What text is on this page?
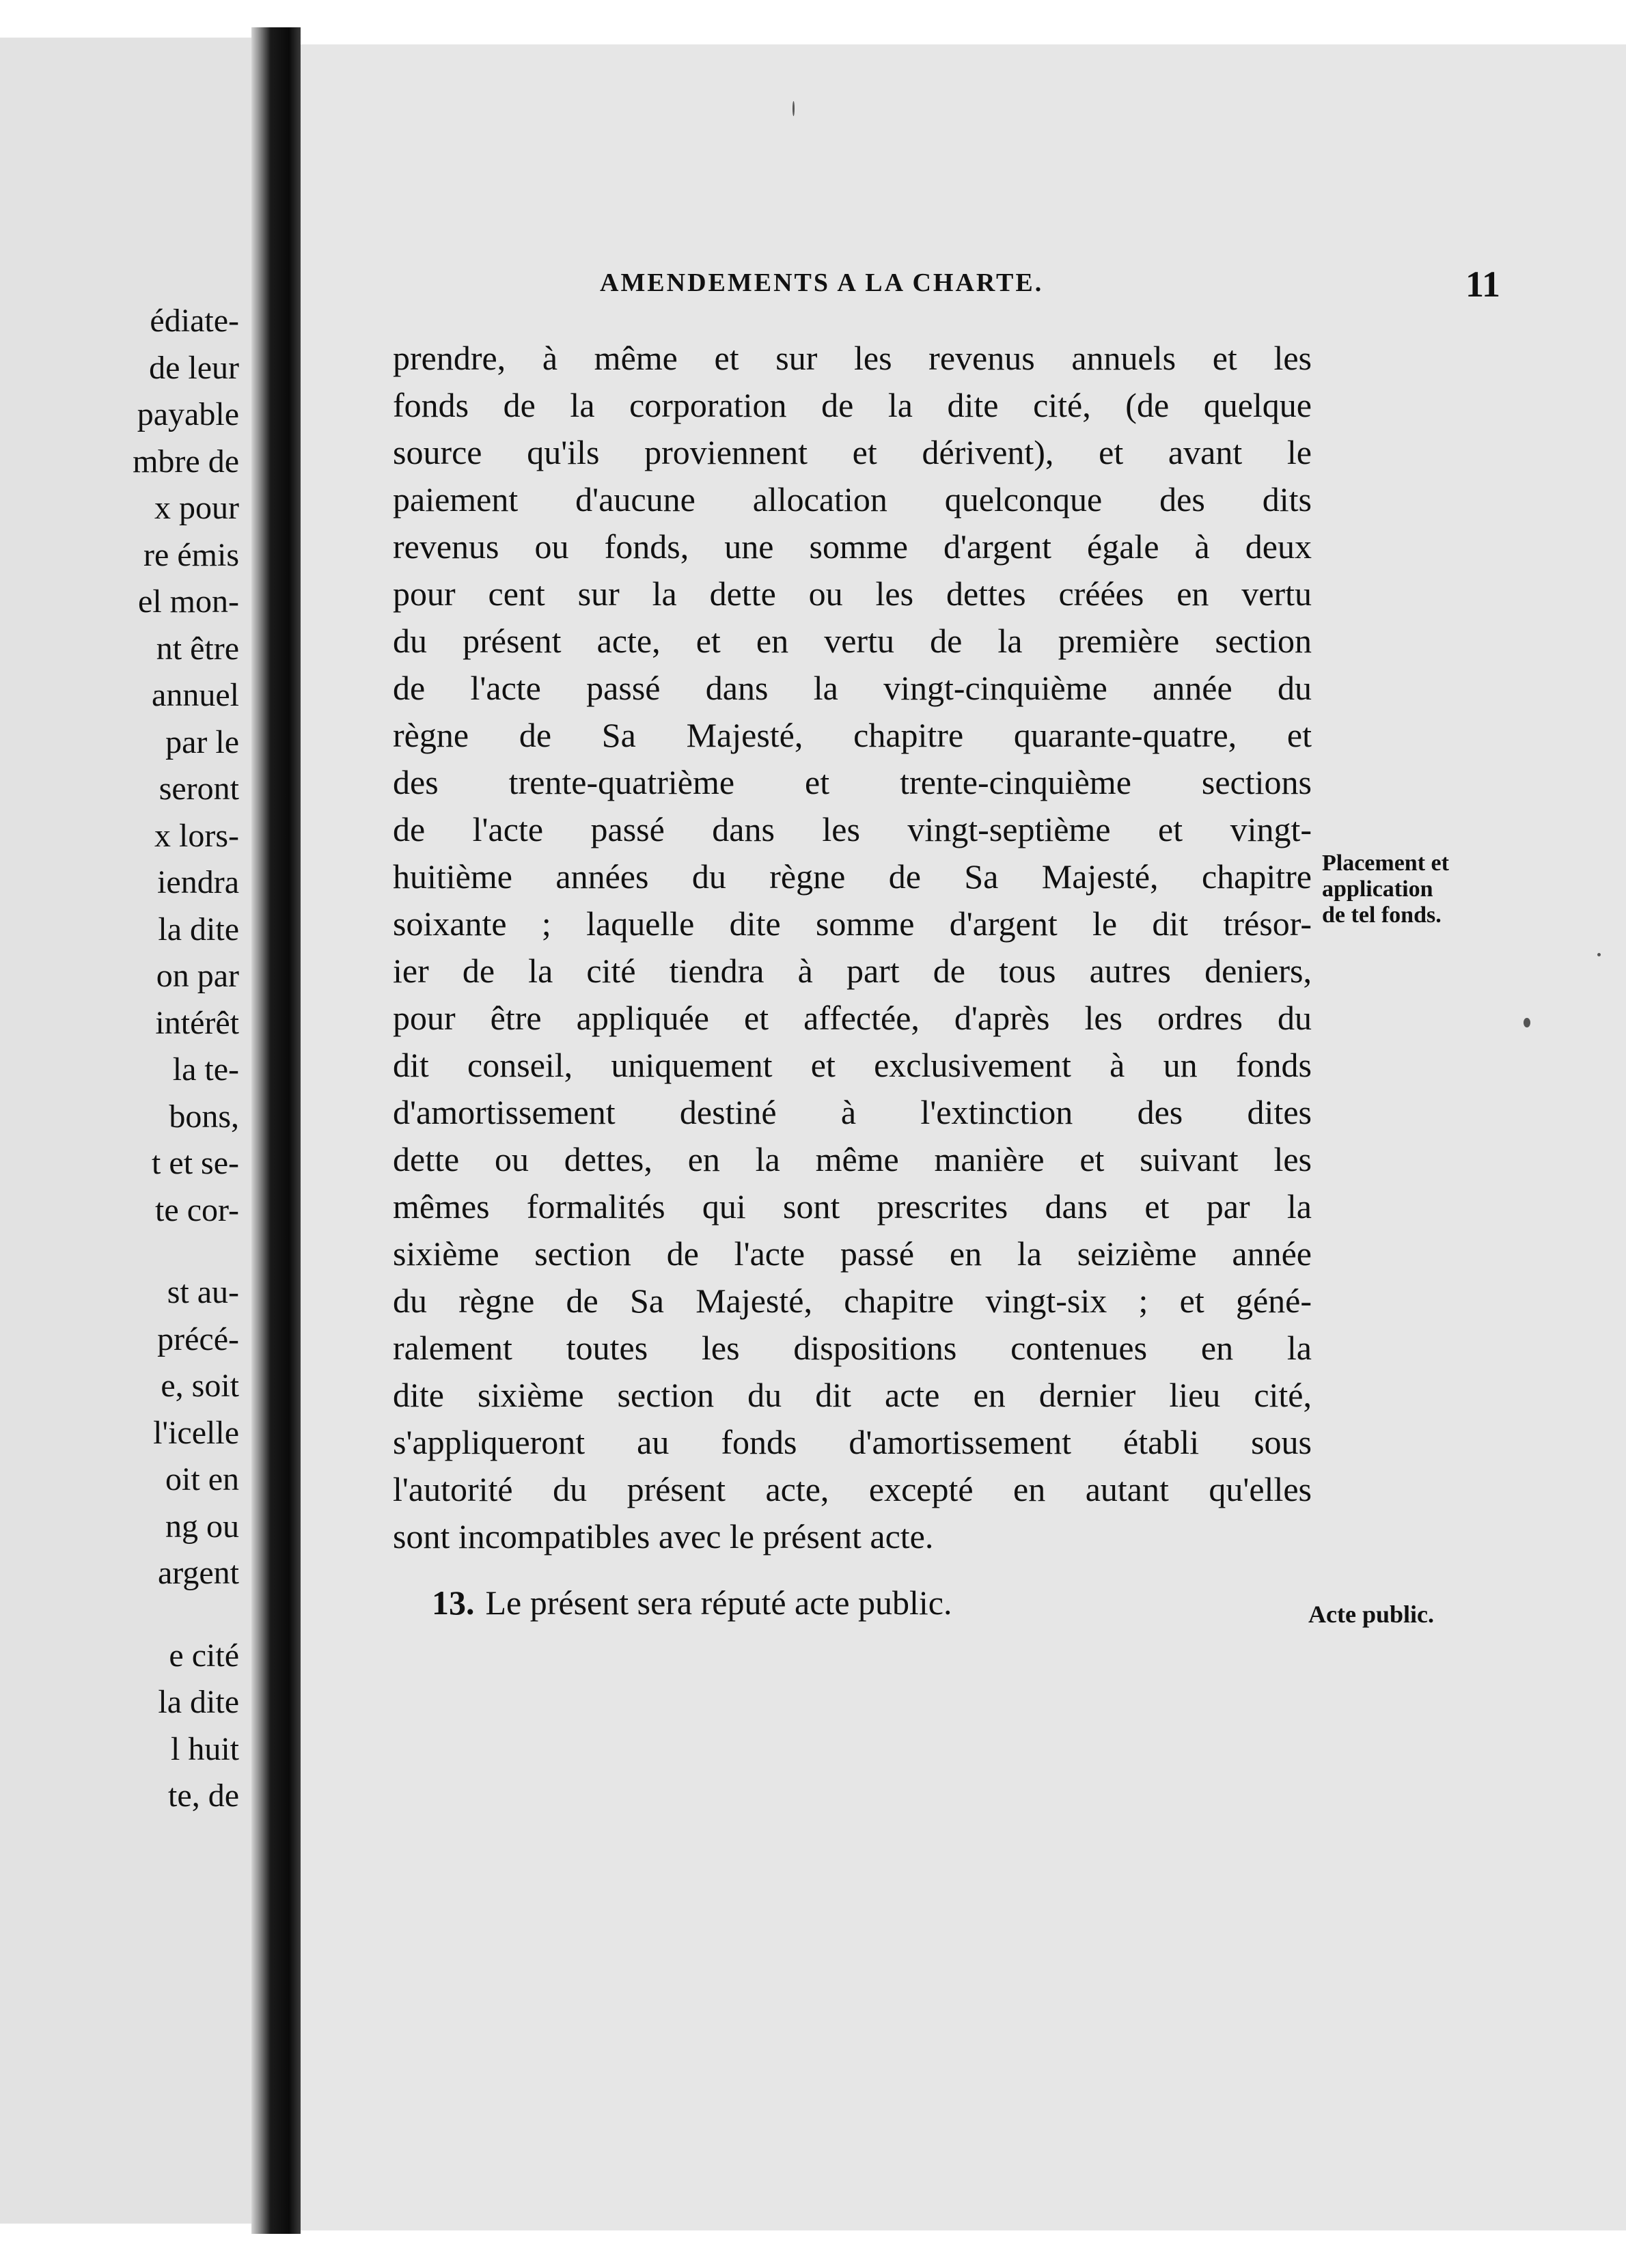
édiate-
de leur
payable
mbre de
x pour
re émis
el mon-
nt être
annuel
par le
seront
x lors-
iendra
la dite
on par
intérêt
la te-
bons,
t et se-
te cor-
st au-
précé-
e, soit
l'icelle
oit en
ng ou
argent
e cité
la dite
l huit
te, de
AMENDEMENTS A LA CHARTE.	11
prendre, à même et sur les revenus annuels et les
fonds de la corporation de la dite cité, (de quelque
source qu'ils proviennent et dérivent), et avant le
paiement d'aucune allocation quelconque des dits
revenus ou fonds, une somme d'argent égale à deux
pour cent sur la dette ou les dettes créées en vertu
du présent acte, et en vertu de la première section
de l'acte passé dans la vingt-cinquième année du
règne de Sa Majesté, chapitre quarante-quatre, et
des trente-quatrième et trente-cinquième sections
de l'acte passé dans les vingt-septième et vingt-
huitième années du règne de Sa Majesté, chapitre
soixante ; laquelle dite somme d'argent le dit trésor-
ier de la cité tiendra à part de tous autres deniers,
pour être appliquée et affectée, d'après les ordres du
dit conseil, uniquement et exclusivement à un fonds
d'amortissement destiné à l'extinction des dites
dette ou dettes, en la même manière et suivant les
mêmes formalités qui sont prescrites dans et par la
sixième section de l'acte passé en la seizième année
du règne de Sa Majesté, chapitre vingt-six ; et géné-
ralement toutes les dispositions contenues en la
dite sixième section du dit acte en dernier lieu cité,
s'appliqueront au fonds d'amortissement établi sous
l'autorité du présent acte, excepté en autant qu'elles
sont incompatibles avec le présent acte.
13. Le présent sera réputé acte public.
Placement et
application
de tel fonds.
Acte public.
